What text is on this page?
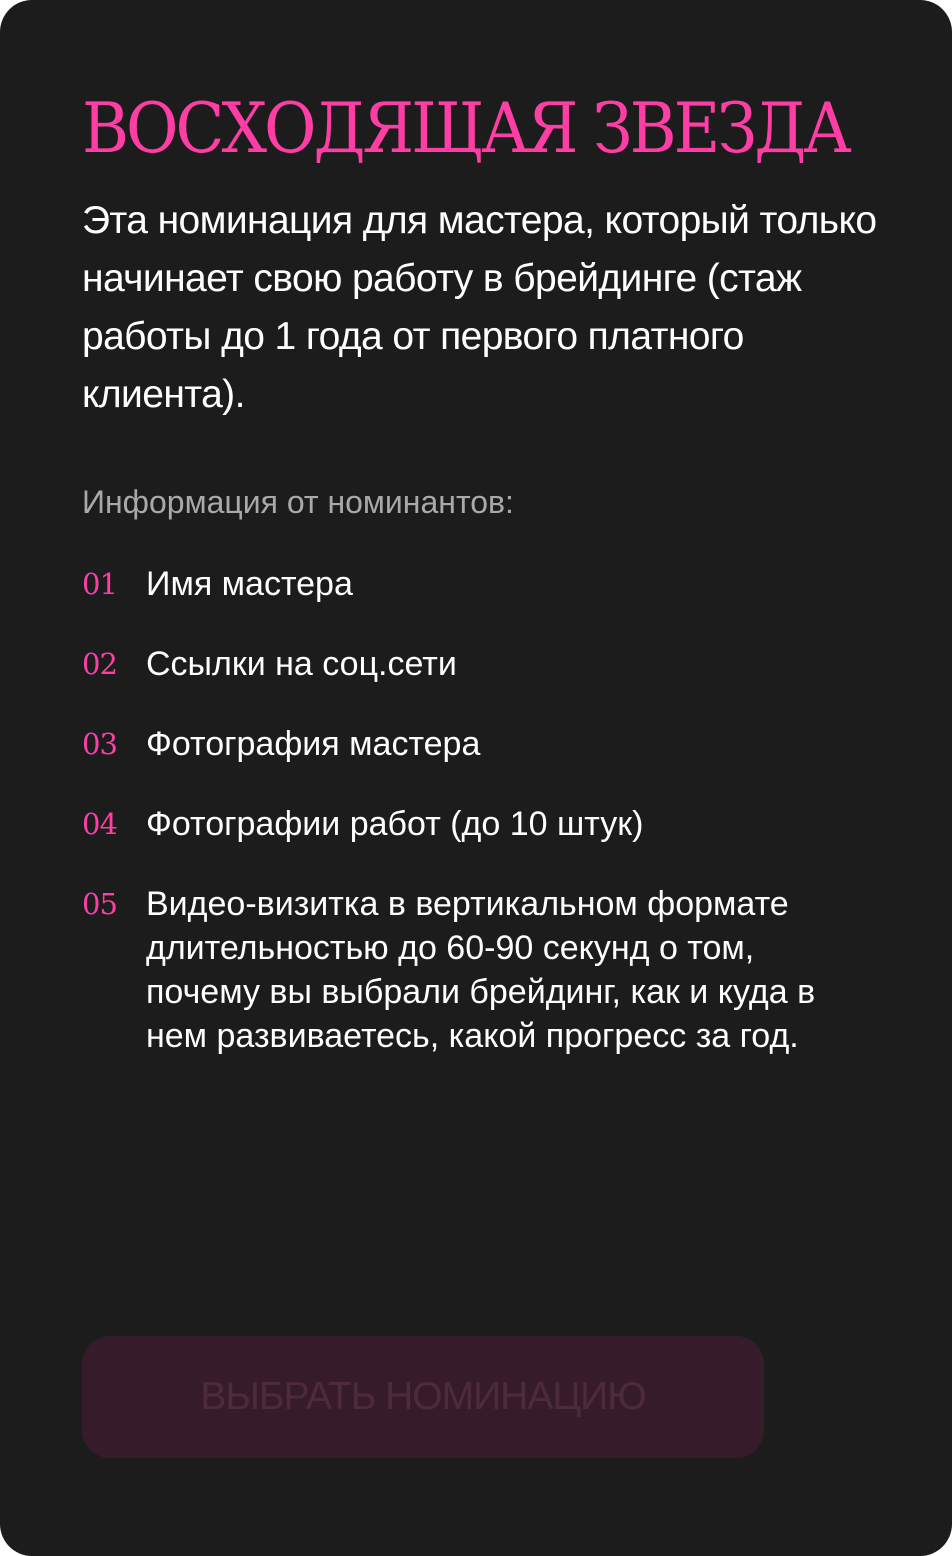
ВОСХОДЯЩАЯ ЗВЕЗДА

Эта номинация для мастера, который только начинает свою работу в брейдинге (стаж работы до 1 года от первого платного клиента).

Информация от номинантов:

01 Имя мастера
02 Ссылки на соц.сети
03 Фотография мастера
04 Фотографии работ (до 10 штук)
05 Видео-визитка в вертикальном формате длительностью до 60-90 секунд о том, почему вы выбрали брейдинг, как и куда в нем развиваетесь, какой прогресс за год.
ВЫБРАТЬ НОМИНАЦИЮ
